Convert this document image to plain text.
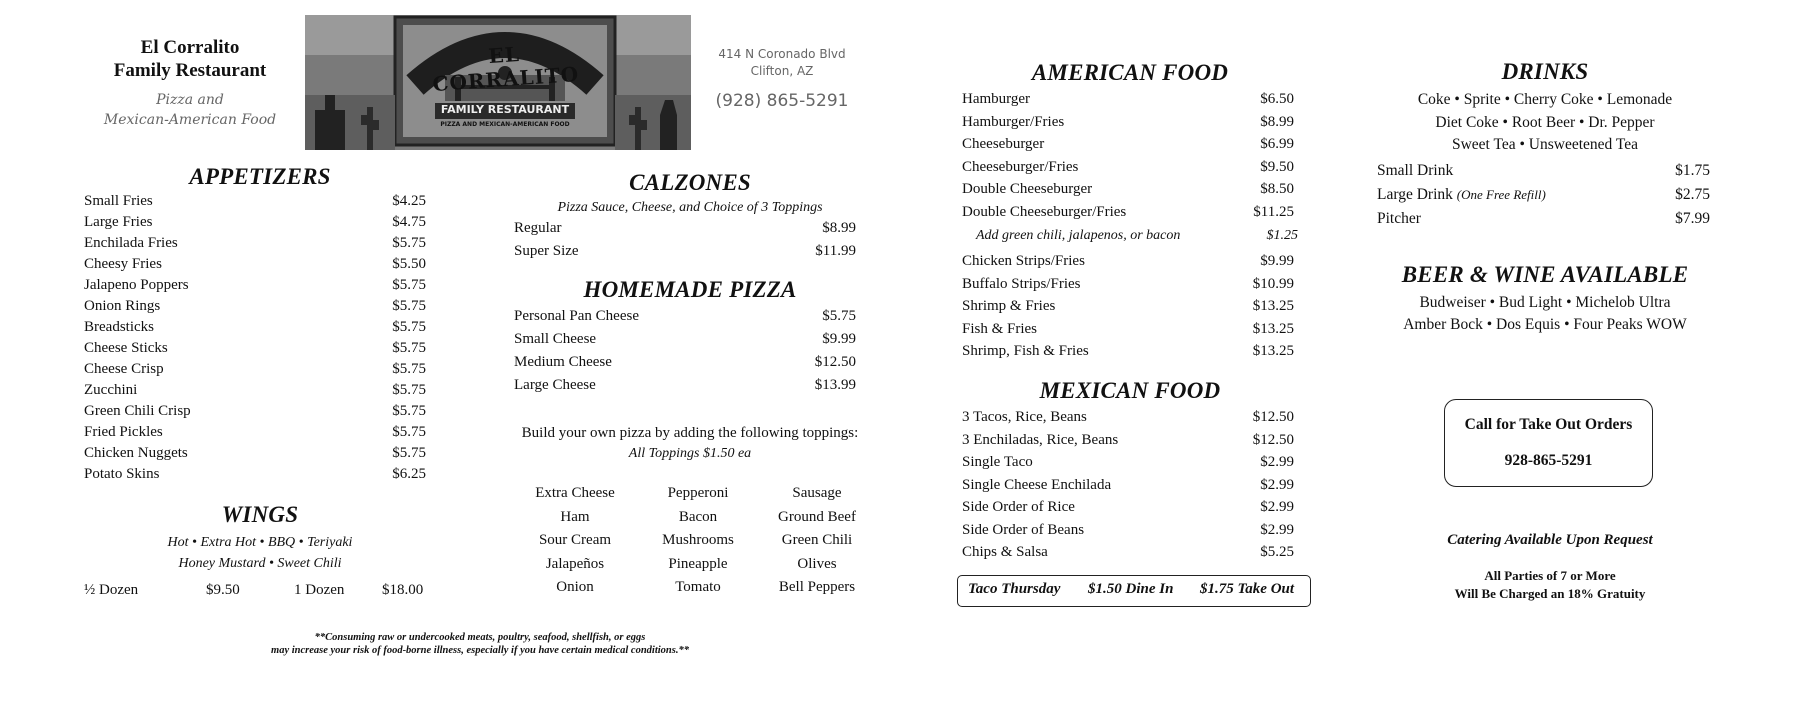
El Corralito
Family Restaurant
Pizza and
Mexican-American Food
EL CORRALITO
FAMILY RESTAURANT
PIZZA AND MEXICAN-AMERICAN FOOD
414 N Coronado Blvd
Clifton, AZ
(928) 865-5291
APPETIZERS
Small Fries	$4.25
Large Fries	$4.75
Enchilada Fries	$5.75
Cheesy Fries	$5.50
Jalapeno Poppers	$5.75
Onion Rings	$5.75
Breadsticks	$5.75
Cheese Sticks	$5.75
Cheese Crisp	$5.75
Zucchini	$5.75
Green Chili Crisp	$5.75
Fried Pickles	$5.75
Chicken Nuggets	$5.75
Potato Skins	$6.25
WINGS
Hot • Extra Hot • BBQ • Teriyaki
Honey Mustard • Sweet Chili
½ Dozen	$9.50	1 Dozen	$18.00
**Consuming raw or undercooked meats, poultry, seafood, shellfish, or eggs
may increase your risk of food-borne illness, especially if you have certain medical conditions.**
CALZONES
Pizza Sauce, Cheese, and Choice of 3 Toppings
Regular	$8.99
Super Size	$11.99
HOMEMADE PIZZA
Personal Pan Cheese	$5.75
Small Cheese	$9.99
Medium Cheese	$12.50
Large Cheese	$13.99
Build your own pizza by adding the following toppings:
All Toppings $1.50 ea
Extra Cheese	Pepperoni	Sausage
Ham	Bacon	Ground Beef
Sour Cream	Mushrooms	Green Chili
Jalapeños	Pineapple	Olives
Onion	Tomato	Bell Peppers
AMERICAN FOOD
Hamburger	$6.50
Hamburger/Fries	$8.99
Cheeseburger	$6.99
Cheeseburger/Fries	$9.50
Double Cheeseburger	$8.50
Double Cheeseburger/Fries	$11.25
Add green chili, jalapenos, or bacon	$1.25
Chicken Strips/Fries	$9.99
Buffalo Strips/Fries	$10.99
Shrimp & Fries	$13.25
Fish & Fries	$13.25
Shrimp, Fish & Fries	$13.25
MEXICAN FOOD
3 Tacos, Rice, Beans	$12.50
3 Enchiladas, Rice, Beans	$12.50
Single Taco	$2.99
Single Cheese Enchilada	$2.99
Side Order of Rice	$2.99
Side Order of Beans	$2.99
Chips & Salsa	$5.25
Taco Thursday $1.50 Dine In $1.75 Take Out
DRINKS
Coke • Sprite • Cherry Coke • Lemonade
Diet Coke • Root Beer • Dr. Pepper
Sweet Tea • Unsweetened Tea
Small Drink	$1.75
Large Drink (One Free Refill)	$2.75
Pitcher	$7.99
BEER & WINE AVAILABLE
Budweiser • Bud Light • Michelob Ultra
Amber Bock • Dos Equis • Four Peaks WOW
Call for Take Out Orders
928-865-5291
Catering Available Upon Request
All Parties of 7 or More
Will Be Charged an 18% Gratuity
